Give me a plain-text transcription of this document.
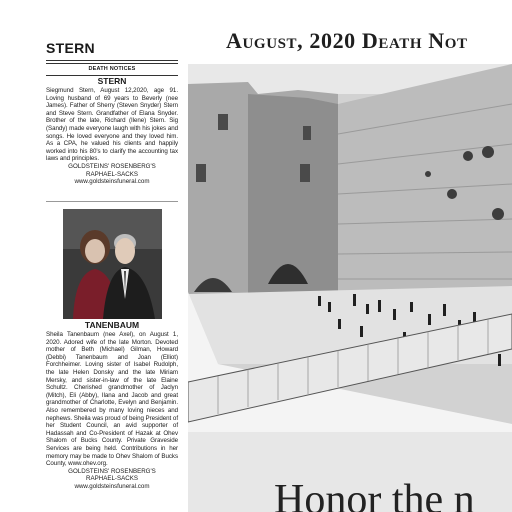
STERN
DEATH NOTICES

STERN

Siegmund Stern, August 12,2020, age 91. Loving husband of 69 years to Beverly (nee James). Father of Sherry (Steven Snyder) Stern and Steve Stern. Grandfather of Elana Snyder. Brother of the late, Richard (Ilene) Stern. Sig (Sandy) made everyone laugh with his jokes and songs. He loved everyone and they loved him. As a CPA, he valued his clients and happily worked into his 80's to clarify the accounting tax laws and principles.

GOLDSTEINS' ROSENBERG'S

RAPHAEL-SACKS

www.goldsteinsfuneral.com

TANENBAUM

Sheila Tanenbaum (nee Axel), on August 1, 2020. Adored wife of the late Morton. Devoted mother of Beth (Michael) Gilman, Howard (Debbi) Tanenbaum and Joan (Elliot) Forchheimer. Loving sister of Isabel Rudolph, the late Helen Donsky and the late Miriam Mersky, and sister-in-law of the late Elaine Schultz. Cherished grandmother of Jaclyn (Mitch), Eli (Abby), Ilana and Jacob and great grandmother of Charlotte, Evelyn and Benjamin. Also remembered by many loving nieces and nephews. Sheila was proud of being President of her Student Council, an avid supporter of Hadassah and Co-President of Hazak at Ohev Shalom of Bucks County. Private Graveside Services are being held. Contributions in her memory may be made to Ohev Shalom of Bucks County, www.ohev.org.

GOLDSTEINS' ROSENBERG'S

RAPHAEL-SACKS

www.goldsteinsfuneral.com

August, 2020 Death Not

Honor the n
